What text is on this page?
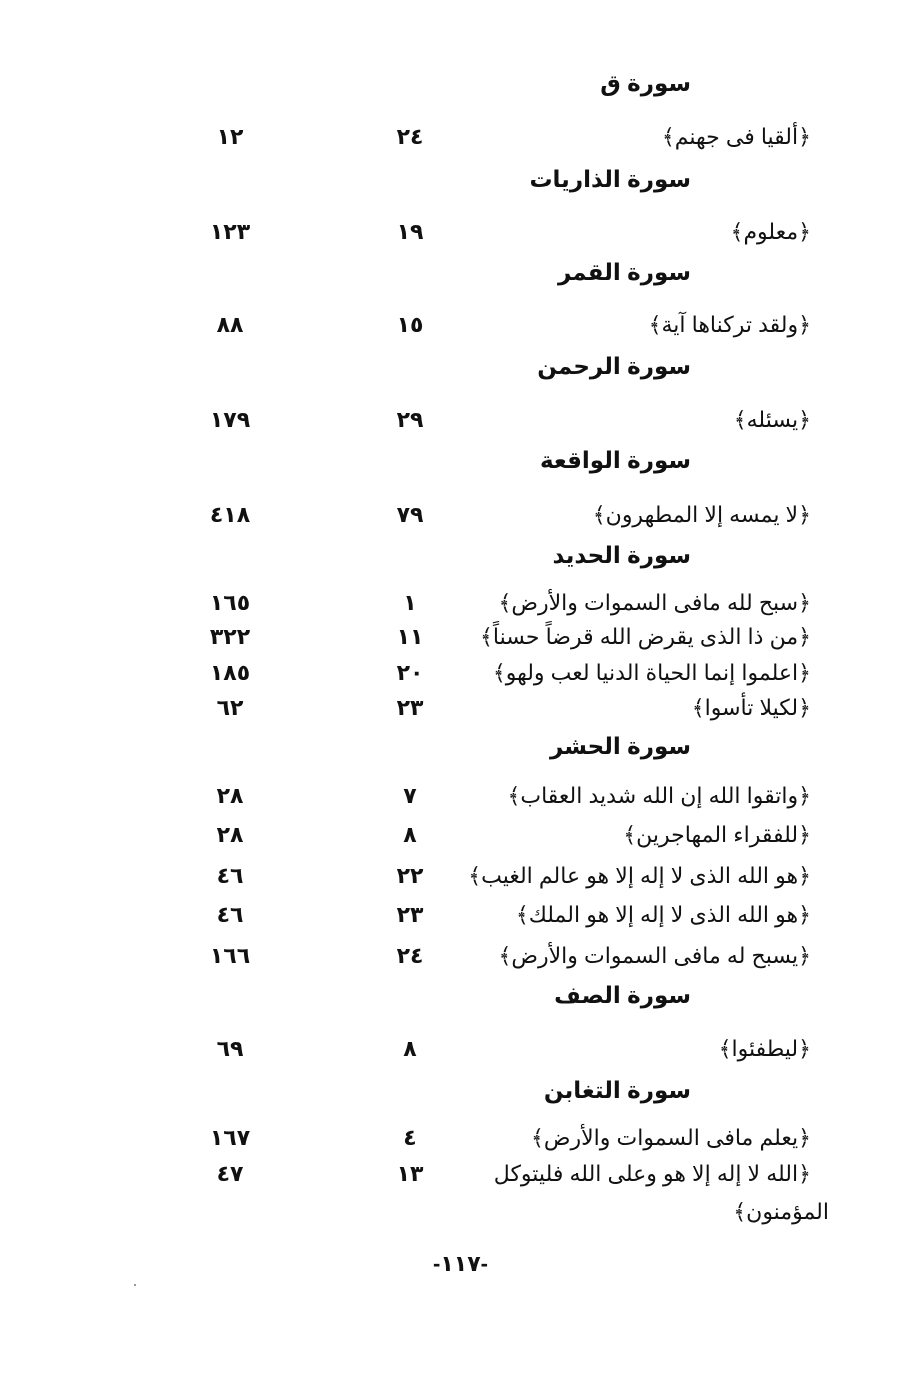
سورة ق
﴿ألقيا فى جهنم﴾
٢٤
١٢
سورة الذاريات
﴿معلوم﴾
١٩
١٢٣
سورة القمر
﴿ولقد تركناها آية﴾
١٥
٨٨
سورة الرحمن
﴿يسئله﴾
٢٩
١٧٩
سورة الواقعة
﴿لا يمسه إلا المطهرون﴾
٧٩
٤١٨
سورة الحديد
﴿سبح لله مافى السموات والأرض﴾
١
١٦٥
﴿من ذا الذى يقرض الله قرضاً حسناً﴾
١١
٣٢٢
﴿اعلموا إنما الحياة الدنيا لعب ولهو﴾
٢٠
١٨٥
﴿لكيلا تأسوا﴾
٢٣
٦٢
سورة الحشر
﴿واتقوا الله إن الله شديد العقاب﴾
٧
٢٨
﴿للفقراء المهاجرين﴾
٨
٢٨
﴿هو الله الذى لا إله إلا هو عالم الغيب﴾
٢٢
٤٦
﴿هو الله الذى لا إله إلا هو الملك﴾
٢٣
٤٦
﴿يسبح له مافى السموات والأرض﴾
٢٤
١٦٦
سورة الصف
﴿ليطفئوا﴾
٨
٦٩
سورة التغابن
﴿يعلم مافى السموات والأرض﴾
٤
١٦٧
﴿الله لا إله إلا هو وعلى الله فليتوكل
المؤمنون﴾
١٣
٤٧
-١١٧-
